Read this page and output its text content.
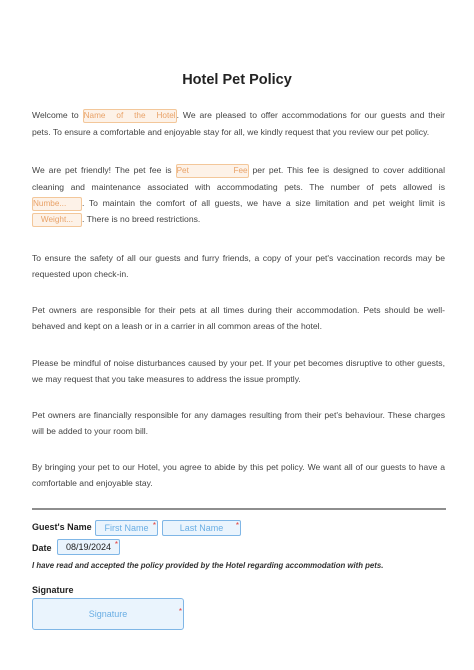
Hotel Pet Policy

Welcome to Name of the Hotel. We are pleased to offer accommodations for our guests and their

pets. To ensure a comfortable and enjoyable stay for all, we kindly request that you review our pet policy.

We are pet friendly! The pet fee is Pet Fee per pet. This fee is designed to cover additional

cleaning and maintenance associated with accommodating pets. The number of pets allowed is

Numbe... . To maintain the comfort of all guests, we have a size limitation and pet weight limit is

Weight... . There is no breed restrictions.

To ensure the safety of all our guests and furry friends, a copy of your pet's vaccination records may be requested upon check-in.

Pet owners are responsible for their pets at all times during their accommodation. Pets should be well-behaved and kept on a leash or in a carrier in all common areas of the hotel.

Please be mindful of noise disturbances caused by your pet. If your pet becomes disruptive to other guests, we may request that you take measures to address the issue promptly.

Pet owners are financially responsible for any damages resulting from their pet's behaviour. These charges will be added to your room bill.

By bringing your pet to our Hotel, you agree to abide by this pet policy. We want all of our guests to have a comfortable and enjoyable stay.

Guest's Name	First Name *	Last Name *
Date	08/19/2024 *
I have read and accepted the policy provided by the Hotel regarding accommodation with pets.
Signature
Signature	*
